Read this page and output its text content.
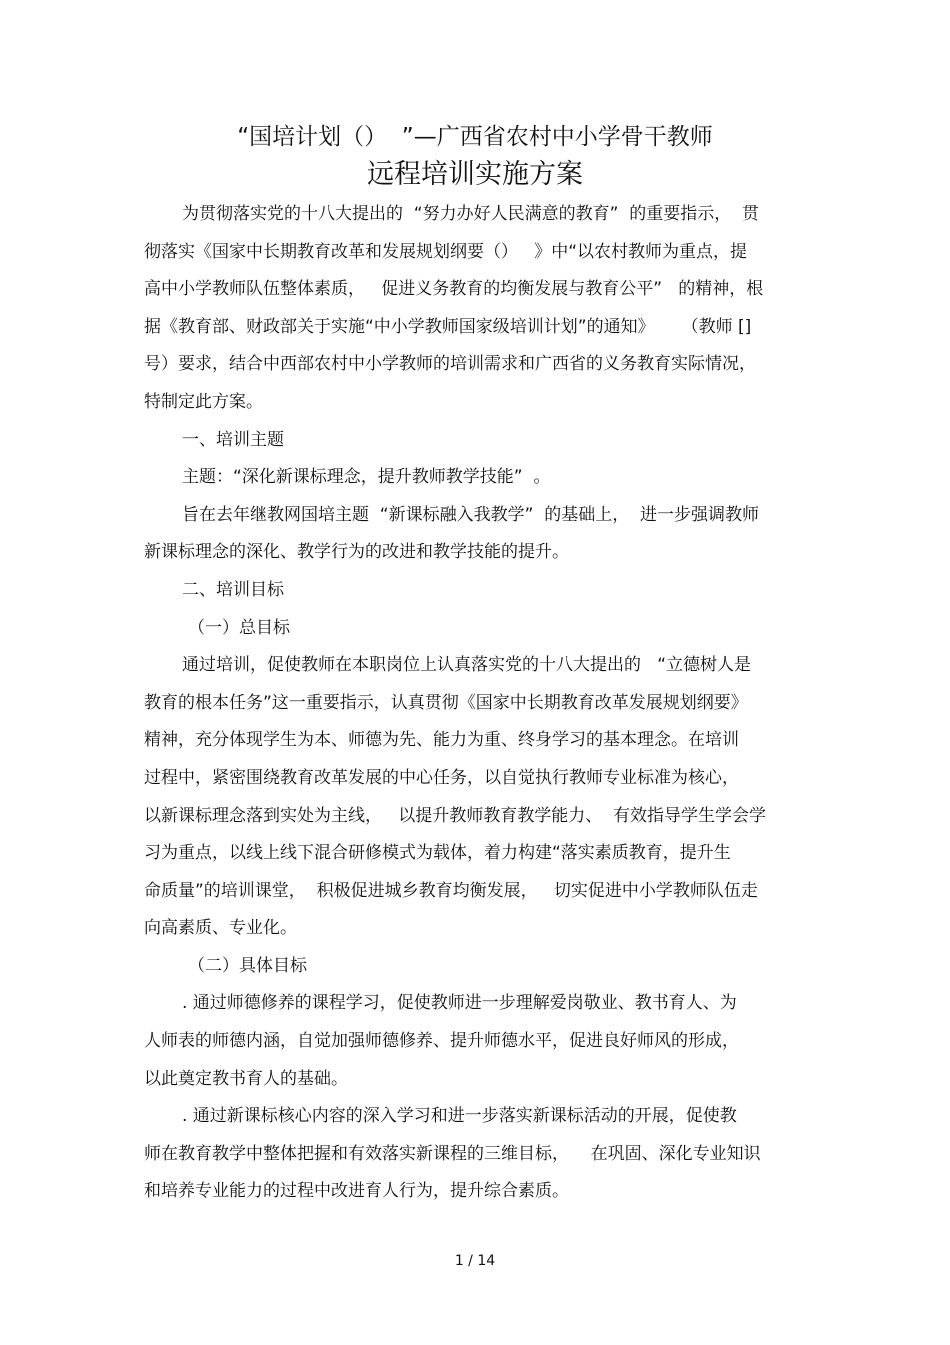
“国培计划（）  ”—广西省农村中小学骨干教师
远程培训实施方案
为贯彻落实党的十八大提出的  “努力办好人民满意的教育”  的重要指示，  贯
彻落实《国家中长期教育改革和发展规划纲要（）   》中“以农村教师为重点，提
高中小学教师队伍整体素质，   促进义务教育的均衡发展与教育公平”   的精神，根
据《教育部、财政部关于实施“中小学教师国家级培训计划”的通知》     （教师 []
号）要求，结合中西部农村中小学教师的培训需求和广西省的义务教育实际情况，
特制定此方案。
一、培训主题
主题：“深化新课标理念，提升教师教学技能”  。
旨在去年继教网国培主题  “新课标融入我教学”  的基础上，  进一步强调教师
新课标理念的深化、教学行为的改进和教学技能的提升。
二、培训目标
（一）总目标
通过培训，促使教师在本职岗位上认真落实党的十八大提出的   “立德树人是
教育的根本任务”这一重要指示，认真贯彻《国家中长期教育改革发展规划纲要》
精神，充分体现学生为本、师德为先、能力为重、终身学习的基本理念。在培训
过程中，紧密围绕教育改革发展的中心任务，以自觉执行教师专业标准为核心，
以新课标理念落到实处为主线，   以提升教师教育教学能力、  有效指导学生学会学
习为重点，以线上线下混合研修模式为载体，着力构建“落实素质教育，提升生
命质量”的培训课堂，  积极促进城乡教育均衡发展，   切实促进中小学教师队伍走
向高素质、专业化。
（二）具体目标
. 通过师德修养的课程学习，促使教师进一步理解爱岗敬业、教书育人、为
人师表的师德内涵，自觉加强师德修养、提升师德水平，促进良好师风的形成，
以此奠定教书育人的基础。
. 通过新课标核心内容的深入学习和进一步落实新课标活动的开展，促使教
师在教育教学中整体把握和有效落实新课程的三维目标，    在巩固、深化专业知识
和培养专业能力的过程中改进育人行为，提升综合素质。
1 / 14
